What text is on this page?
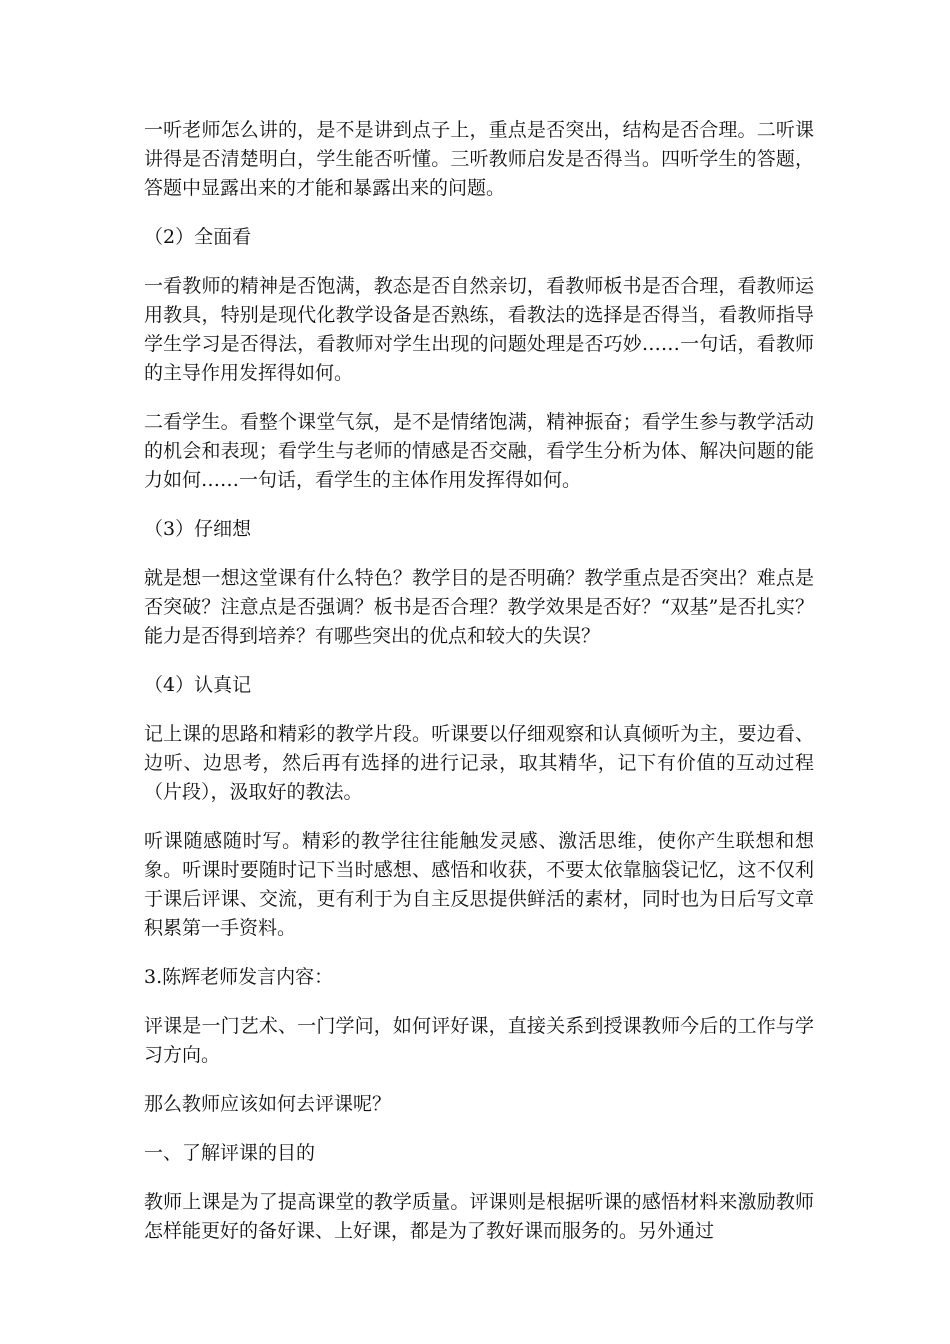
一听老师怎么讲的，是不是讲到点子上，重点是否突出，结构是否合理。二听课讲得是否清楚明白，学生能否听懂。三听教师启发是否得当。四听学生的答题，答题中显露出来的才能和暴露出来的问题。

（2）全面看

一看教师的精神是否饱满，教态是否自然亲切，看教师板书是否合理，看教师运用教具，特别是现代化教学设备是否熟练，看教法的选择是否得当，看教师指导学生学习是否得法，看教师对学生出现的问题处理是否巧妙……一句话，看教师的主导作用发挥得如何。

二看学生。看整个课堂气氛，是不是情绪饱满，精神振奋；看学生参与教学活动的机会和表现；看学生与老师的情感是否交融，看学生分析为体、解决问题的能力如何……一句话，看学生的主体作用发挥得如何。

（3）仔细想

就是想一想这堂课有什么特色？教学目的是否明确？教学重点是否突出？难点是否突破？注意点是否强调？板书是否合理？教学效果是否好？“双基”是否扎实？能力是否得到培养？有哪些突出的优点和较大的失误？

（4）认真记

记上课的思路和精彩的教学片段。听课要以仔细观察和认真倾听为主，要边看、边听、边思考，然后再有选择的进行记录，取其精华，记下有价值的互动过程（片段），汲取好的教法。

听课随感随时写。精彩的教学往往能触发灵感、激活思维，使你产生联想和想象。听课时要随时记下当时感想、感悟和收获，不要太依靠脑袋记忆，这不仅利于课后评课、交流，更有利于为自主反思提供鲜活的素材，同时也为日后写文章积累第一手资料。

3.陈辉老师发言内容：

评课是一门艺术、一门学问，如何评好课，直接关系到授课教师今后的工作与学习方向。

那么教师应该如何去评课呢？

一、了解评课的目的

教师上课是为了提高课堂的教学质量。评课则是根据听课的感悟材料来激励教师怎样能更好的备好课、上好课，都是为了教好课而服务的。另外通过
